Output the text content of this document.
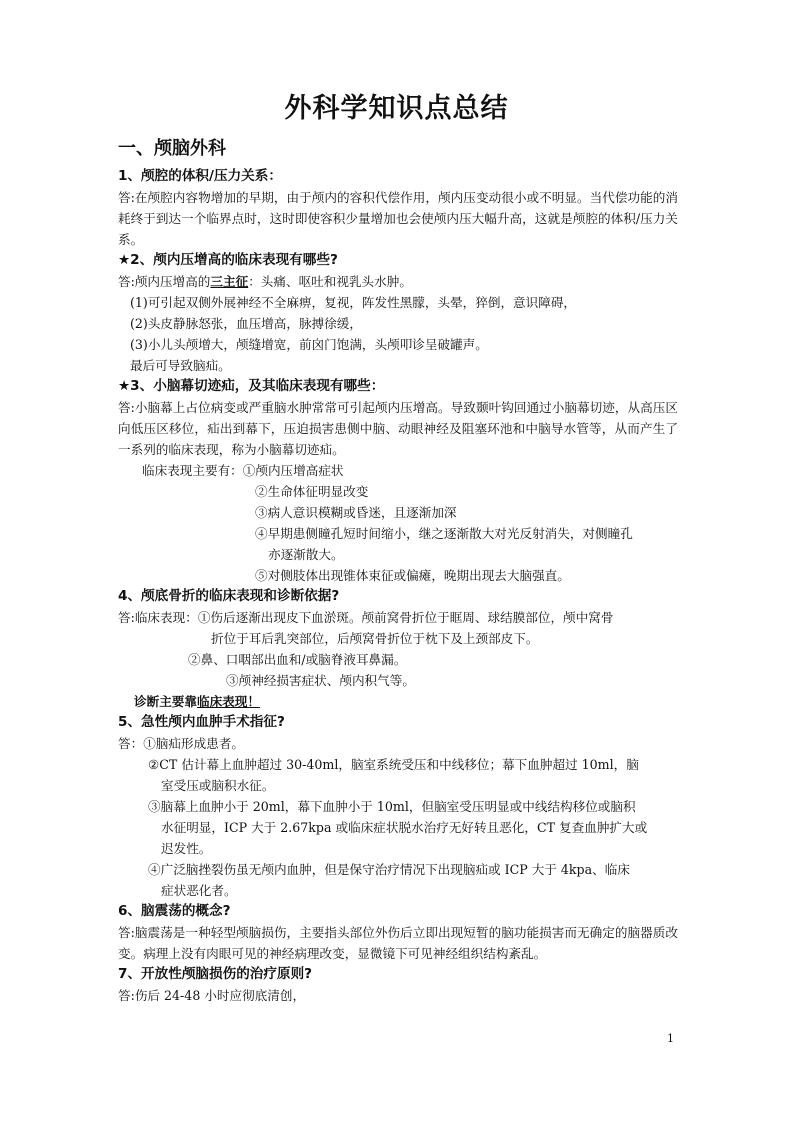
外科学知识点总结
一、颅脑外科

1、颅腔的体积/压力关系：

答:在颅腔内容物增加的早期，由于颅内的容积代偿作用，颅内压变动很小或不明显。当代偿功能的消耗终于到达一个临界点时，这时即使容积少量增加也会使颅内压大幅升高，这就是颅腔的体积/压力关系。

★2、颅内压增高的临床表现有哪些?

答:颅内压增高的三主征：头痛、呕吐和视乳头水肿。

(1)可引起双侧外展神经不全麻痹，复视，阵发性黑朦，头晕，猝倒，意识障碍，

(2)头皮静脉怒张，血压增高，脉搏徐缓，

(3)小儿头颅增大，颅缝增宽，前囟门饱满，头颅叩诊呈破罐声。

最后可导致脑疝。

★3、小脑幕切迹疝，及其临床表现有哪些：

答:小脑幕上占位病变或严重脑水肿常常可引起颅内压增高。导致颞叶钩回通过小脑幕切迹，从高压区向低压区移位，疝出到幕下，压迫损害患侧中脑、动眼神经及阻塞环池和中脑导水管等，从而产生了一系列的临床表现，称为小脑幕切迹疝。

临床表现主要有：①颅内压增高症状

②生命体征明显改变

③病人意识模糊或昏迷，且逐渐加深

④早期患侧瞳孔短时间缩小，继之逐渐散大对光反射消失，对侧瞳孔

亦逐渐散大。

⑤对侧肢体出现锥体束征或偏瘫，晚期出现去大脑强直。

4、颅底骨折的临床表现和诊断依据?

答:临床表现：①伤后逐渐出现皮下血淤斑。颅前窝骨折位于眶周、球结膜部位，颅中窝骨

折位于耳后乳突部位，后颅窝骨折位于枕下及上颈部皮下。

②鼻、口咽部出血和/或脑脊液耳鼻漏。

③颅神经损害症状、颅内积气等。

诊断主要靠临床表现！

5、急性颅内血肿手术指征?

答：①脑疝形成患者。

②CT 估计幕上血肿超过 30-40ml，脑室系统受压和中线移位；幕下血肿超过 10ml，脑

室受压或脑积水征。

③脑幕上血肿小于 20ml，幕下血肿小于 10ml，但脑室受压明显或中线结构移位或脑积

水征明显，ICP 大于 2.67kpa 或临床症状脱水治疗无好转且恶化，CT 复查血肿扩大或

迟发性。

④广泛脑挫裂伤虽无颅内血肿，但是保守治疗情况下出现脑疝或 ICP 大于 4kpa、临床

症状恶化者。

6、脑震荡的概念?

答:脑震荡是一种轻型颅脑损伤，主要指头部位外伤后立即出现短暂的脑功能损害而无确定的脑器质改变。病理上没有肉眼可见的神经病理改变，显微镜下可见神经组织结构紊乱。

7、开放性颅脑损伤的治疗原则?

答:伤后 24-48 小时应彻底清创，

1
